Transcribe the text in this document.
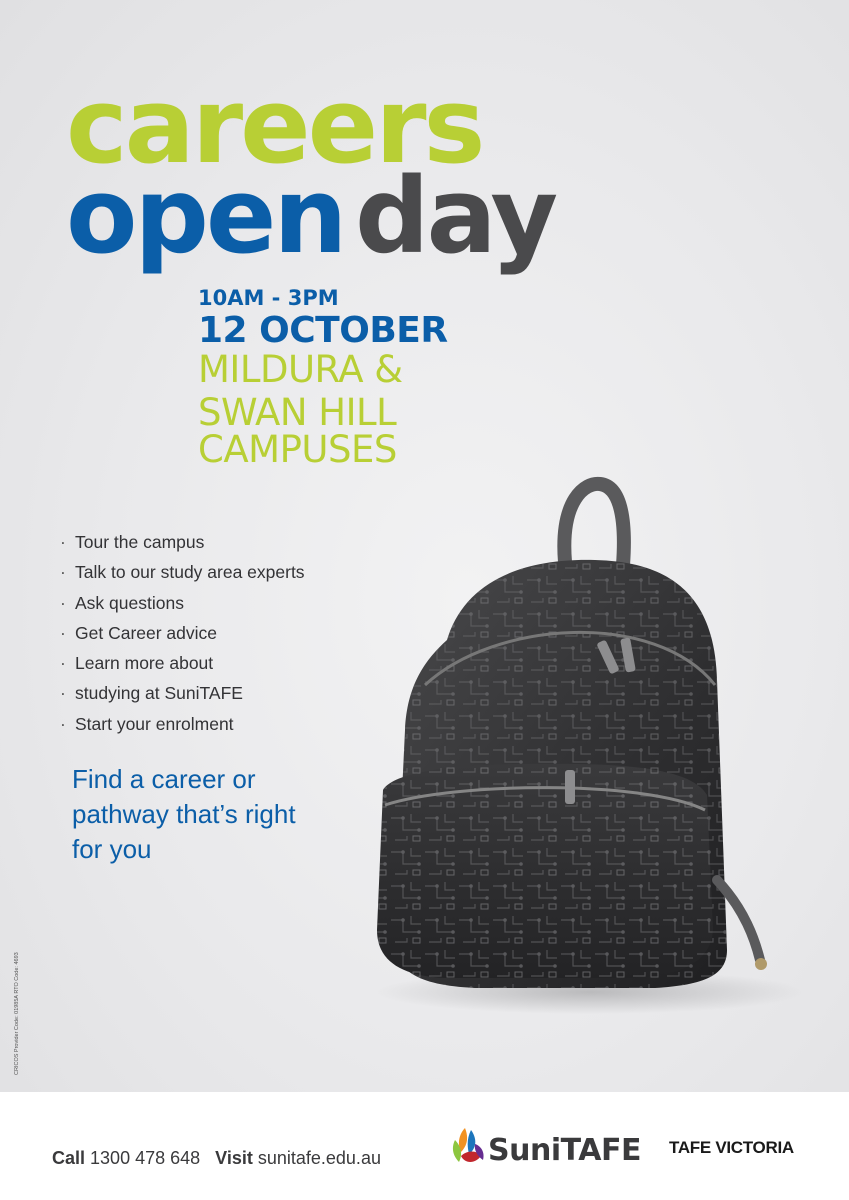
careers
open day
10AM - 3PM
12 OCTOBER
MILDURA &
SWAN HILL
CAMPUSES
· Tour the campus
· Talk to our study area experts
· Ask questions
· Get Career advice
· Learn more about
· studying at SuniTAFE
· Start your enrolment
Find a career or pathway that’s right for you
CRICOS Provider Code: 01985A RTO Code: 4693
Call 1300 478 648 Visit sunitafe.edu.au	SuniTAFE TAFE VICTORIA
